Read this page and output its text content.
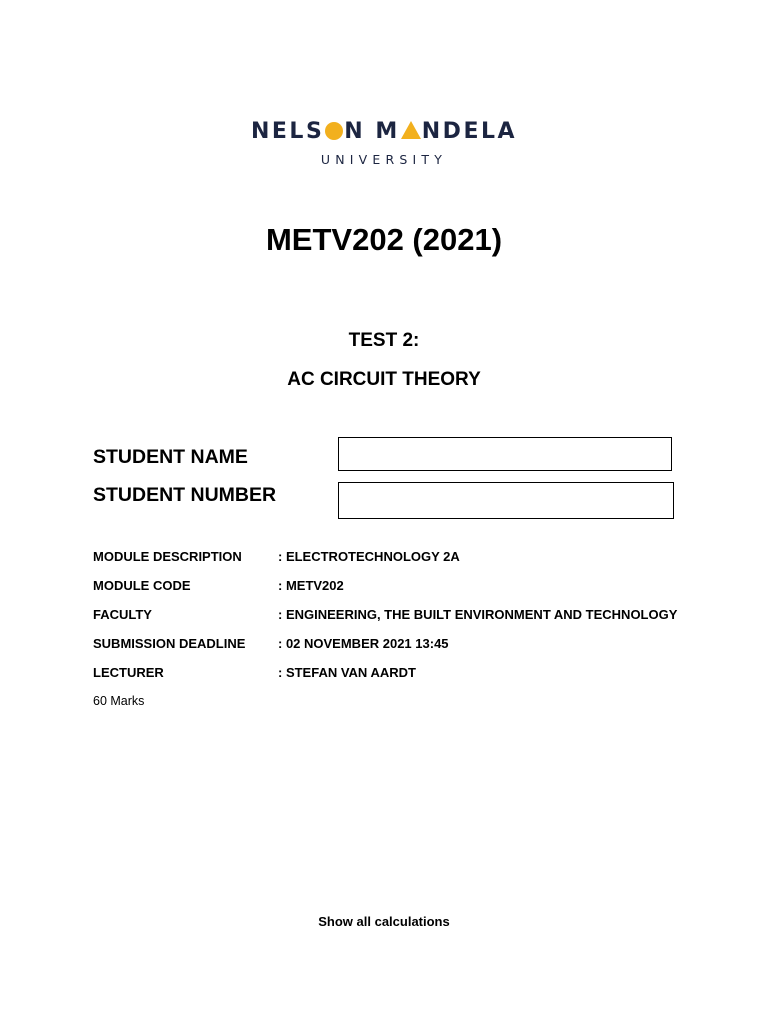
NELS N M NDELA
UNIVERSITY
METV202 (2021)
TEST 2:
AC CIRCUIT THEORY
STUDENT NAME
STUDENT NUMBER
MODULE DESCRIPTION	: ELECTROTECHNOLOGY 2A
MODULE CODE	: METV202
FACULTY	: ENGINEERING, THE BUILT ENVIRONMENT AND TECHNOLOGY
SUBMISSION DEADLINE	: 02 NOVEMBER 2021 13:45
LECTURER	: STEFAN VAN AARDT
60 Marks
Show all calculations
